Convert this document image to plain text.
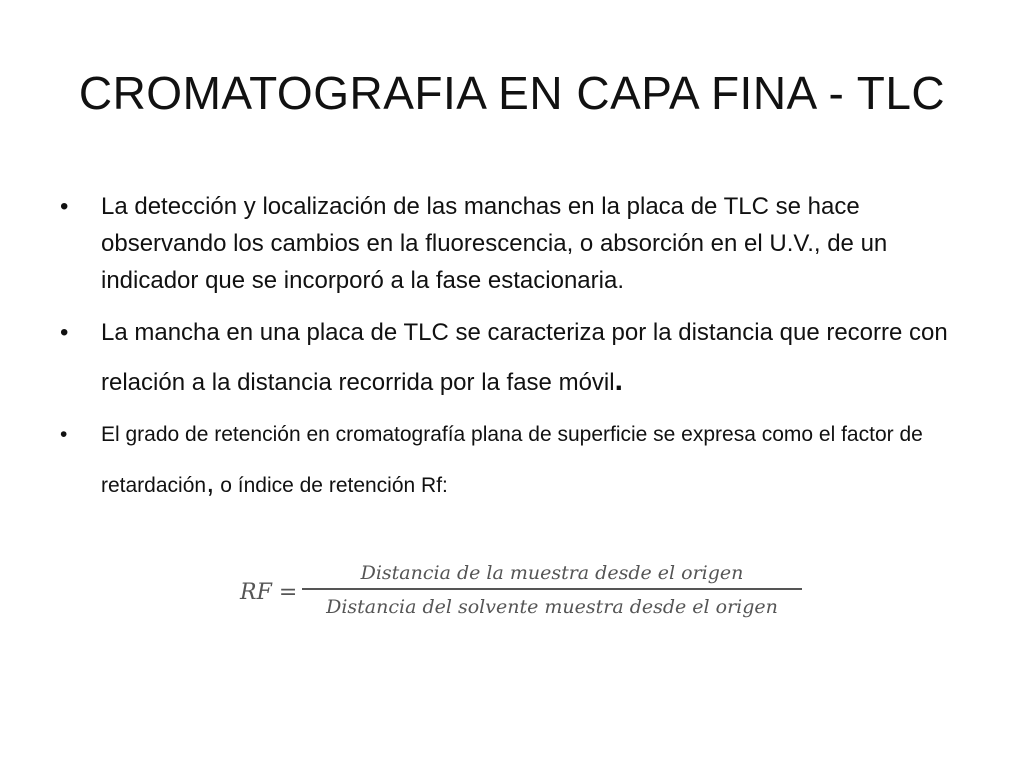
CROMATOGRAFIA EN CAPA FINA - TLC
•	La detección y localización de las manchas en la placa de TLC se hace observando los cambios en la fluorescencia, o absorción en el U.V., de un indicador que se incorporó a la fase estacionaria.
•	La mancha en una placa de TLC se caracteriza por la distancia que recorre con relación a la distancia recorrida por la fase móvil.
•	El grado de retención en cromatografía plana de superficie se expresa como el factor de retardación, o índice de retención Rf:
RF =
Distancia de la muestra desde el origen
Distancia del solvente muestra desde el origen
